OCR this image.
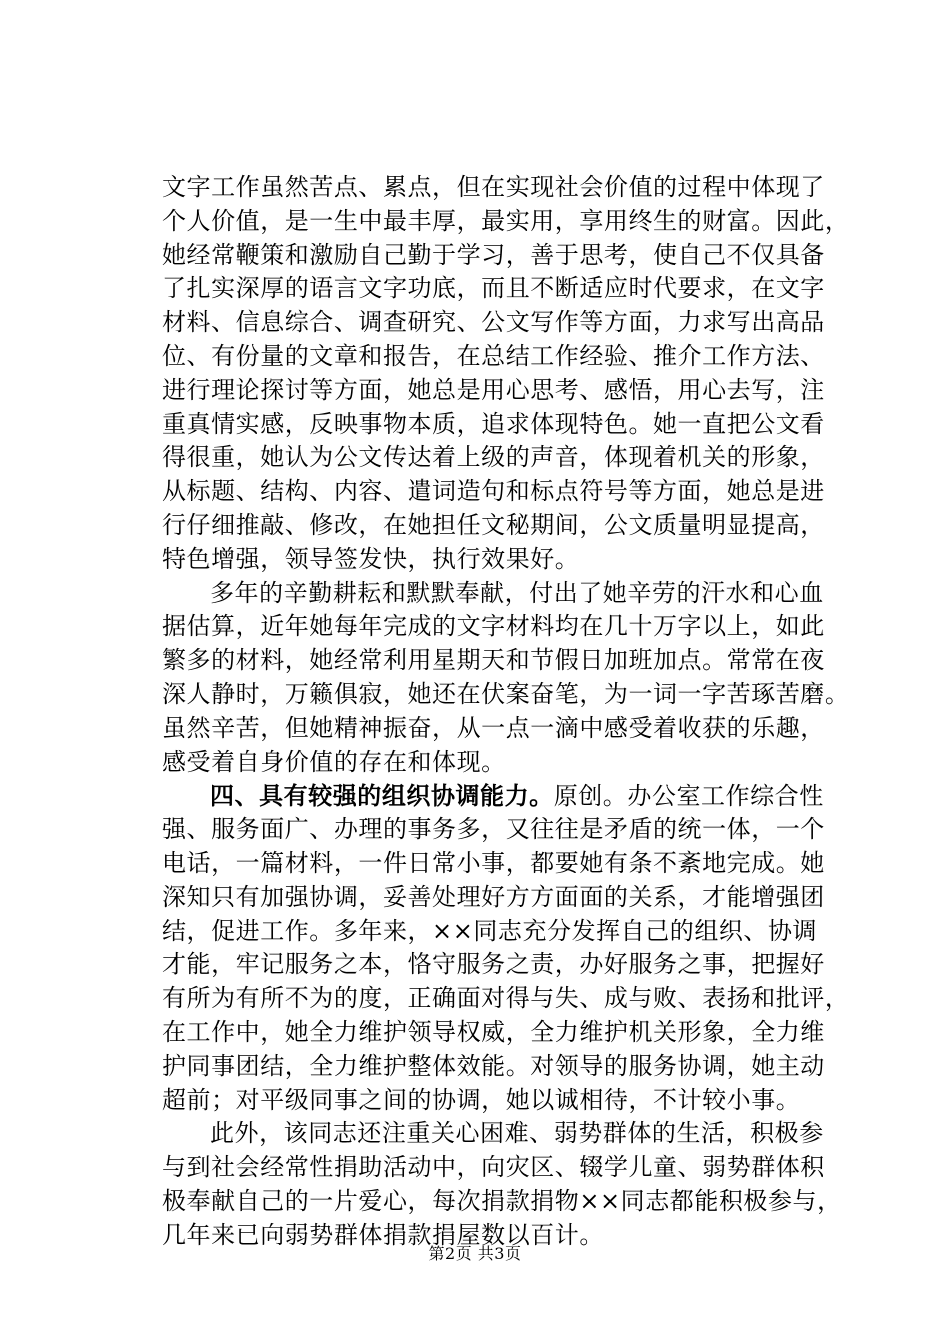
文字工作虽然苦点、累点，但在实现社会价值的过程中体现了
个人价值，是一生中最丰厚，最实用，享用终生的财富。因此，
她经常鞭策和激励自己勤于学习，善于思考，使自己不仅具备
了扎实深厚的语言文字功底，而且不断适应时代要求，在文字
材料、信息综合、调查研究、公文写作等方面，力求写出高品
位、有份量的文章和报告，在总结工作经验、推介工作方法、
进行理论探讨等方面，她总是用心思考、感悟，用心去写，注
重真情实感，反映事物本质，追求体现特色。她一直把公文看
得很重，她认为公文传达着上级的声音，体现着机关的形象，
从标题、结构、内容、遣词造句和标点符号等方面，她总是进
行仔细推敲、修改，在她担任文秘期间，公文质量明显提高，
特色增强，领导签发快，执行效果好。
多年的辛勤耕耘和默默奉献，付出了她辛劳的汗水和心血
据估算，近年她每年完成的文字材料均在几十万字以上，如此
繁多的材料，她经常利用星期天和节假日加班加点。常常在夜
深人静时，万籁俱寂，她还在伏案奋笔，为一词一字苦琢苦磨。
虽然辛苦，但她精神振奋，从一点一滴中感受着收获的乐趣，
感受着自身价值的存在和体现。
四、具有较强的组织协调能力。原创。办公室工作综合性
强、服务面广、办理的事务多，又往往是矛盾的统一体，一个
电话，一篇材料，一件日常小事，都要她有条不紊地完成。她
深知只有加强协调，妥善处理好方方面面的关系，才能增强团
结，促进工作。多年来，××同志充分发挥自己的组织、协调
才能，牢记服务之本，恪守服务之责，办好服务之事，把握好
有所为有所不为的度，正确面对得与失、成与败、表扬和批评，
在工作中，她全力维护领导权威，全力维护机关形象，全力维
护同事团结，全力维护整体效能。对领导的服务协调，她主动
超前；对平级同事之间的协调，她以诚相待，不计较小事。
此外，该同志还注重关心困难、弱势群体的生活，积极参
与到社会经常性捐助活动中，向灾区、辍学儿童、弱势群体积
极奉献自己的一片爱心，每次捐款捐物××同志都能积极参与，
几年来已向弱势群体捐款捐屋数以百计。
第2页 共3页
